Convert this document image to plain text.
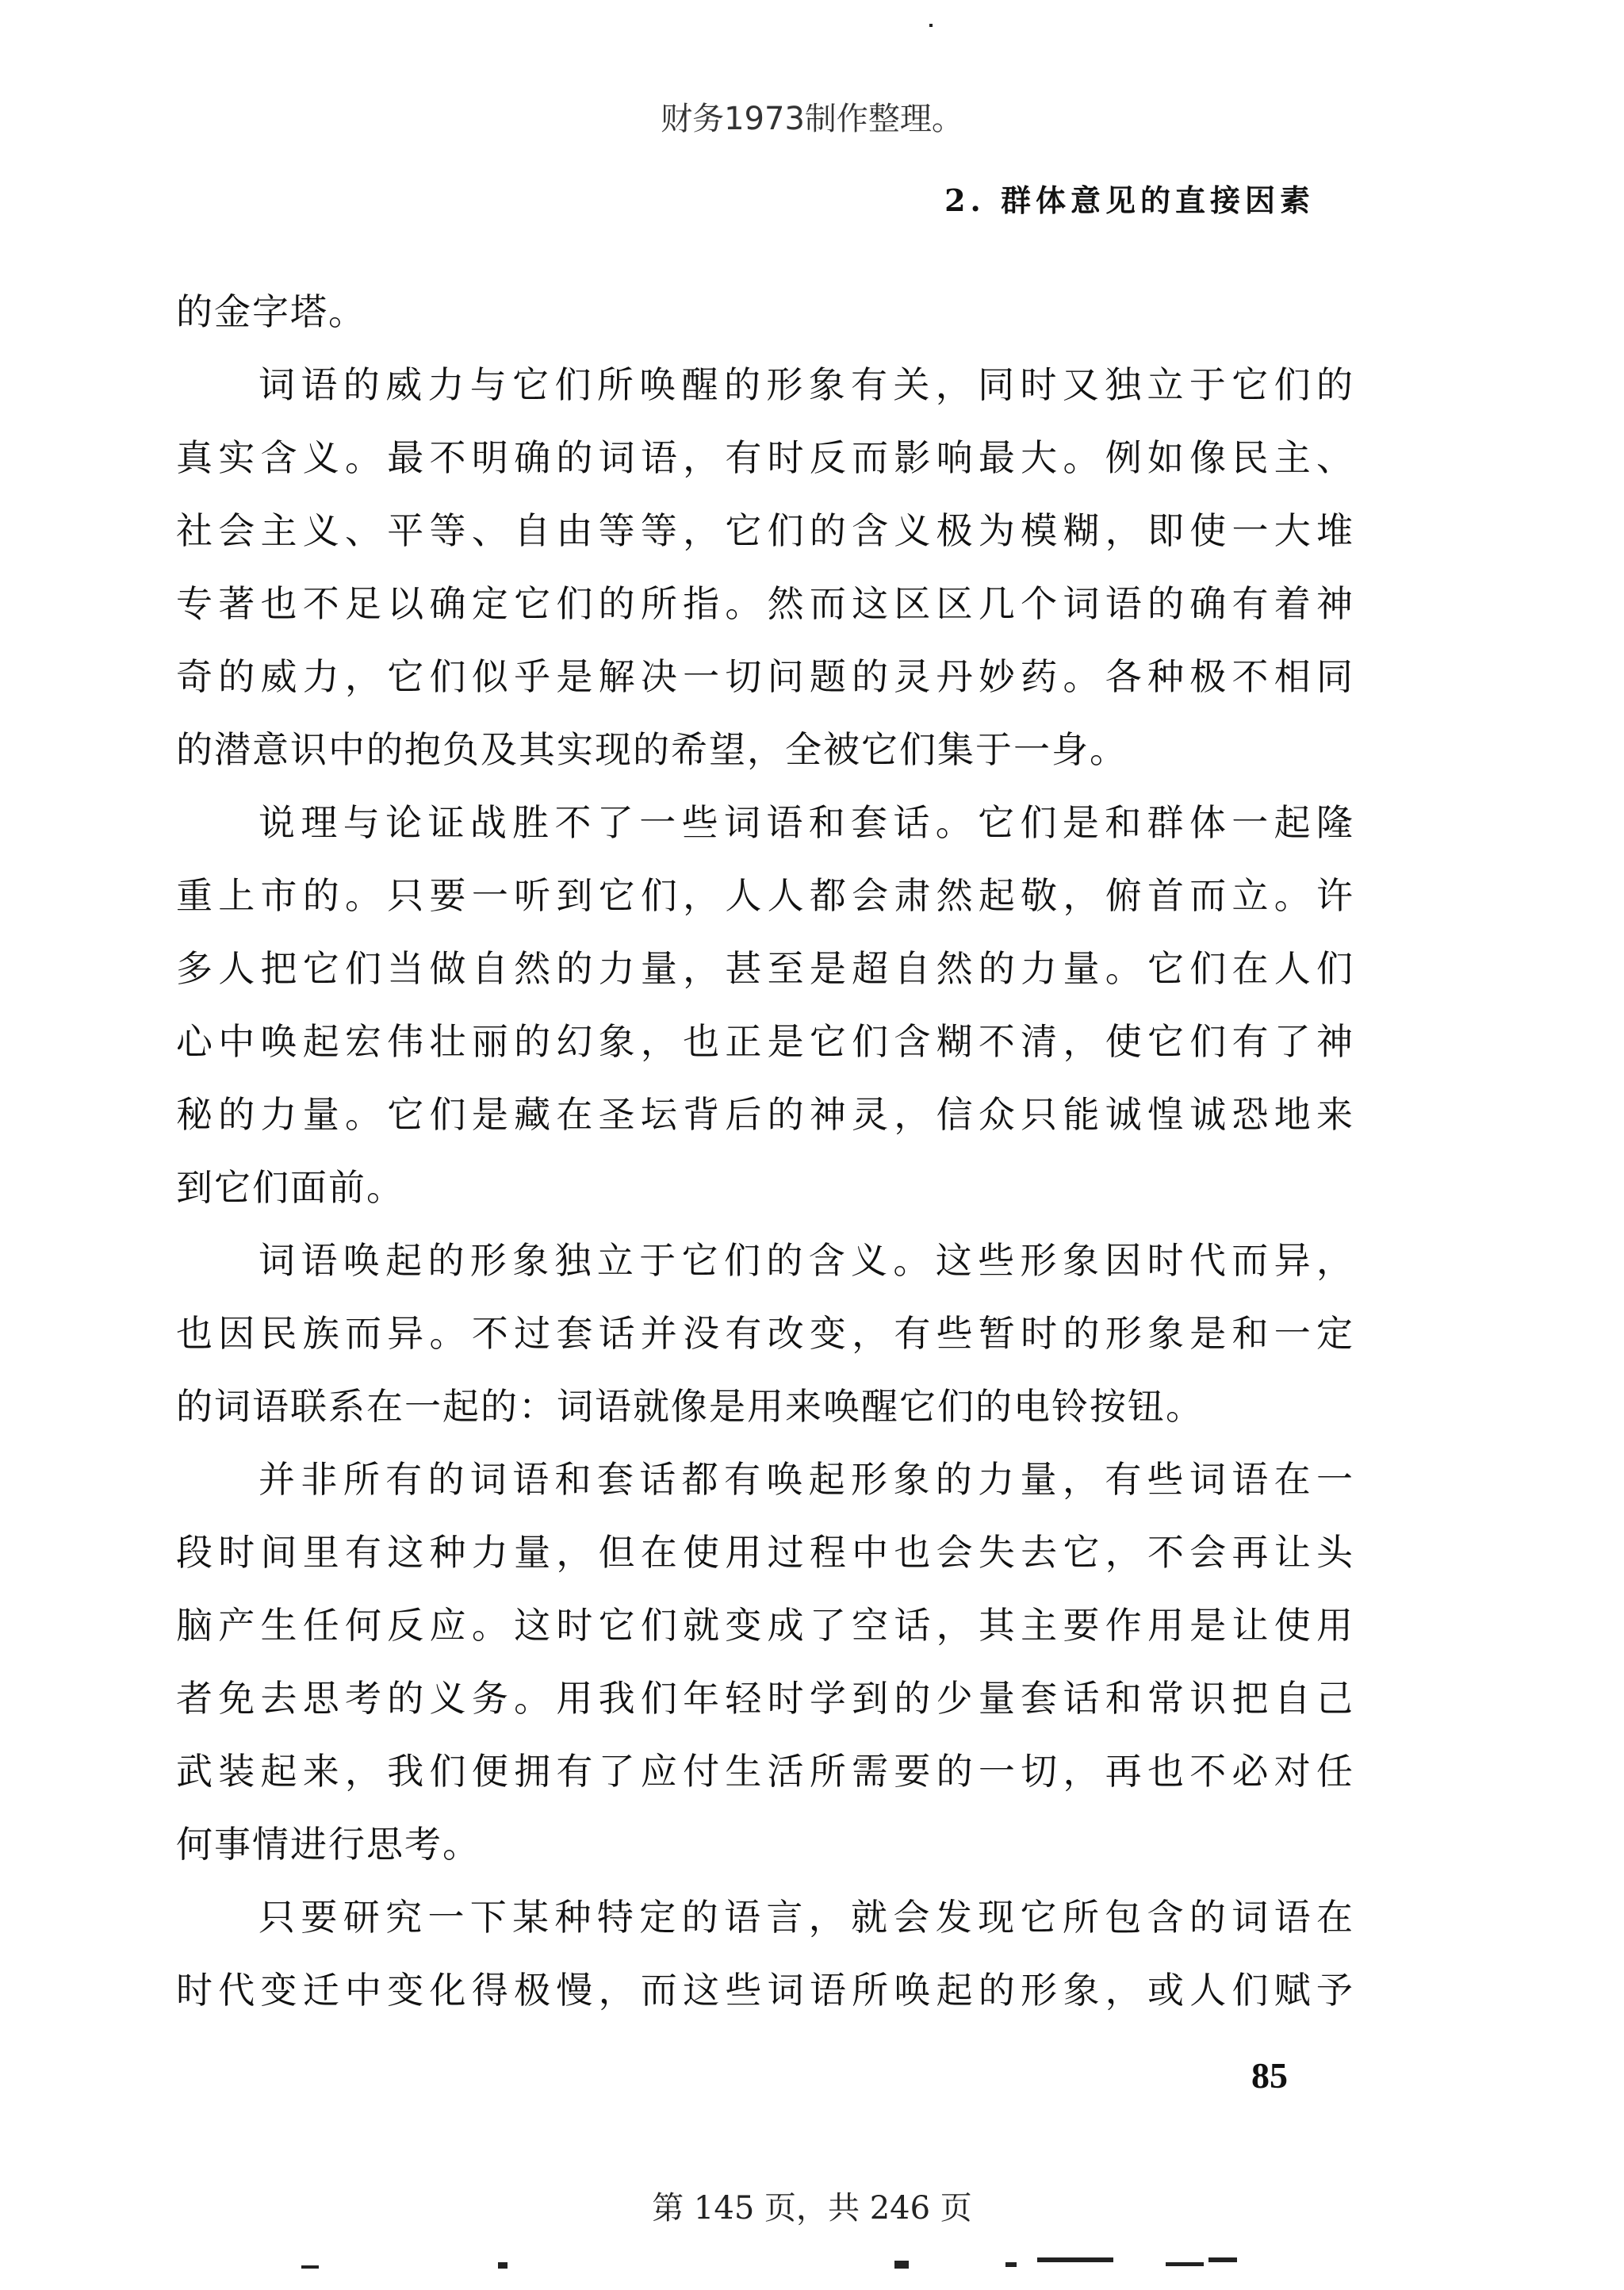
财务1973制作整理。
2. 群体意见的直接因素
的金字塔。
词语的威力与它们所唤醒的形象有关，同时又独立于它们的
真实含义。最不明确的词语，有时反而影响最大。例如像民主、
社会主义、平等、自由等等，它们的含义极为模糊，即使一大堆
专著也不足以确定它们的所指。然而这区区几个词语的确有着神
奇的威力，它们似乎是解决一切问题的灵丹妙药。各种极不相同
的潜意识中的抱负及其实现的希望，全被它们集于一身。
说理与论证战胜不了一些词语和套话。它们是和群体一起隆
重上市的。只要一听到它们，人人都会肃然起敬，俯首而立。许
多人把它们当做自然的力量，甚至是超自然的力量。它们在人们
心中唤起宏伟壮丽的幻象，也正是它们含糊不清，使它们有了神
秘的力量。它们是藏在圣坛背后的神灵，信众只能诚惶诚恐地来
到它们面前。
词语唤起的形象独立于它们的含义。这些形象因时代而异，
也因民族而异。不过套话并没有改变，有些暂时的形象是和一定
的词语联系在一起的：词语就像是用来唤醒它们的电铃按钮。
并非所有的词语和套话都有唤起形象的力量，有些词语在一
段时间里有这种力量，但在使用过程中也会失去它，不会再让头
脑产生任何反应。这时它们就变成了空话，其主要作用是让使用
者免去思考的义务。用我们年轻时学到的少量套话和常识把自己
武装起来，我们便拥有了应付生活所需要的一切，再也不必对任
何事情进行思考。
只要研究一下某种特定的语言，就会发现它所包含的词语在
时代变迁中变化得极慢，而这些词语所唤起的形象，或人们赋予
85
第 145 页，共 246 页
